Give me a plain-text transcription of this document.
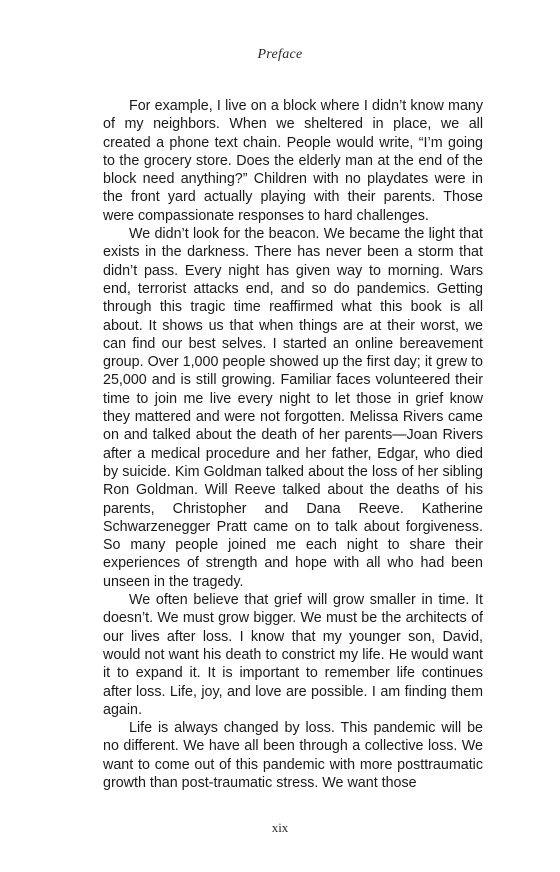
Preface

For example, I live on a block where I didn’t know many of my neighbors. When we sheltered in place, we all created a phone text chain. People would write, “I’m going to the grocery store. Does the elderly man at the end of the block need anything?” Children with no playdates were in the front yard actually playing with their parents. Those were compassionate responses to hard challenges.

We didn’t look for the beacon. We became the light that exists in the darkness. There has never been a storm that didn’t pass. Every night has given way to morning. Wars end, terrorist attacks end, and so do pandemics. Getting through this tragic time reaffirmed what this book is all about. It shows us that when things are at their worst, we can find our best selves. I started an online bereavement group. Over 1,000 people showed up the first day; it grew to 25,000 and is still growing. Familiar faces volunteered their time to join me live every night to let those in grief know they mattered and were not forgotten. Melissa Rivers came on and talked about the death of her parents—Joan Rivers after a medical procedure and her father, Edgar, who died by suicide. Kim Goldman talked about the loss of her sibling Ron Goldman. Will Reeve talked about the deaths of his parents, Christopher and Dana Reeve. Katherine Schwarzenegger Pratt came on to talk about forgiveness. So many people joined me each night to share their experiences of strength and hope with all who had been unseen in the tragedy.

We often believe that grief will grow smaller in time. It doesn’t. We must grow bigger. We must be the architects of our lives after loss. I know that my younger son, David, would not want his death to constrict my life. He would want it to expand it. It is important to remember life continues after loss. Life, joy, and love are possible. I am finding them again.

Life is always changed by loss. This pandemic will be no different. We have all been through a collective loss. We want to come out of this pandemic with more posttraumatic growth than post-traumatic stress. We want those

xix
